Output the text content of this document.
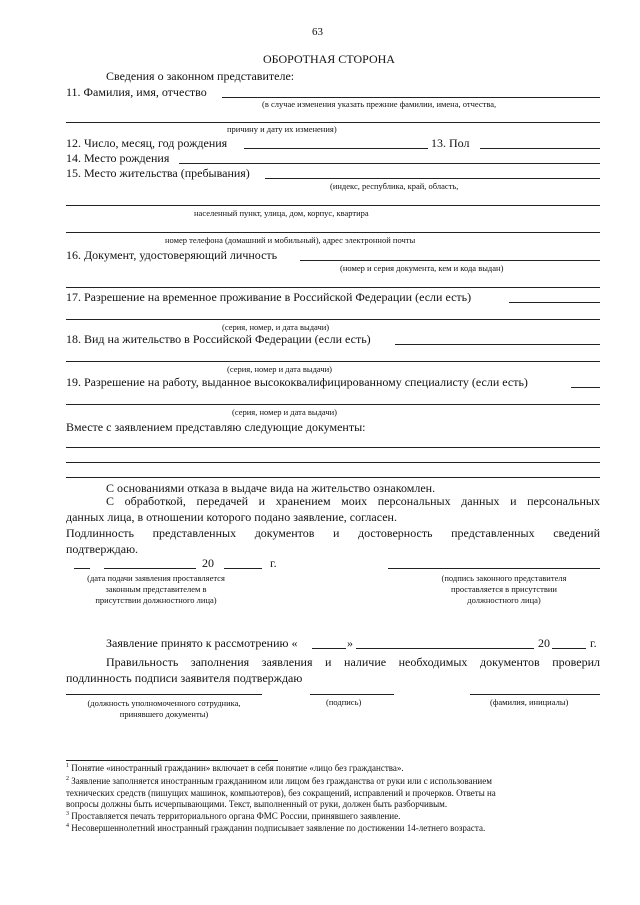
63
ОБОРОТНАЯ СТОРОНА
Сведения о законном представителе:
11. Фамилия, имя, отчество
(в случае изменения указать прежние фамилии, имена, отчества,
причину и дату их изменения)
12. Число, месяц, год рождения	13. Пол
14. Место рождения
15. Место жительства (пребывания)
(индекс, республика, край, область,
населенный пункт, улица, дом, корпус, квартира
номер телефона (домашний и мобильный), адрес электронной почты
16. Документ, удостоверяющий личность
(номер и серия документа, кем и кода выдан)
17. Разрешение на временное проживание в Российской Федерации (если есть)
(серия, номер, и дата выдачи)
18. Вид на жительство в Российской Федерации (если есть)
(серия, номер и дата выдачи)
19. Разрешение на работу, выданное высококвалифицированному специалисту (если есть)
(серия, номер и дата выдачи)
Вместе с заявлением представляю следующие документы:
С основаниями отказа в выдаче вида на жительство ознакомлен.
С обработкой, передачей и хранением моих персональных данных и персональных
данных лица, в отношении которого подано заявление, согласен.
Подлинность представленных документов и достоверность представленных сведений
подтверждаю.
20	г.
(дата подачи заявления проставляется
законным представителем в
присутствии должностного лица)
(подпись законного представителя
проставляется в присутствии
должностного лица)
Заявление принято к рассмотрению «	»	20	г.
Правильность заполнения заявления и наличие необходимых документов проверил
подлинность подписи заявителя подтверждаю
(должность уполномоченного сотрудника,
принявшего документы)
(подпись)	(фамилия, инициалы)
$^1$ Понятие «иностранный гражданин» включает в себя понятие «лицо без гражданства».
$^2$ Заявление заполняется иностранным гражданином или лицом без гражданства от руки или с использованием
технических средств (пишущих машинок, компьютеров), без сокращений, исправлений и прочерков. Ответы на
вопросы должны быть исчерпывающими. Текст, выполненный от руки, должен быть разборчивым.
$^3$ Проставляется печать территориального органа ФМС России, принявшего заявление.
$^4$ Несовершеннолетний иностранный гражданин подписывает заявление по достижении 14-летнего возраста.
